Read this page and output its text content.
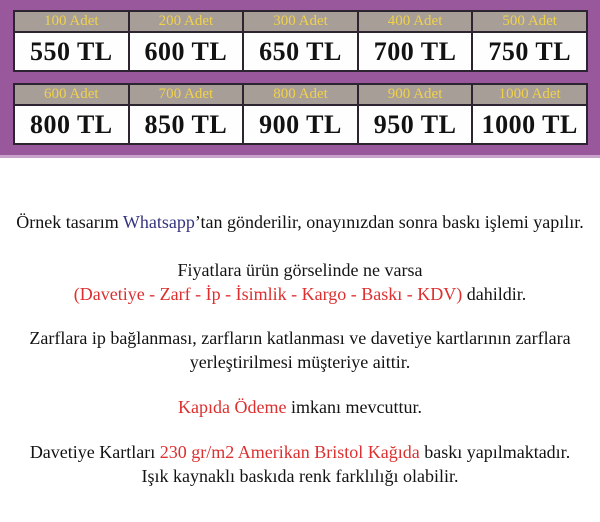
100 Adet	200 Adet	300 Adet	400 Adet	500 Adet
550 TL	600 TL	650 TL	700 TL	750 TL
600 Adet	700 Adet	800 Adet	900 Adet	1000 Adet
800 TL	850 TL	900 TL	950 TL 1000 TL
Örnek tasarım Whatsapp’tan gönderilir, onayınızdan sonra baskı işlemi yapılır.
Fiyatlara ürün görselinde ne varsa
(Davetiye - Zarf - İp - İsimlik - Kargo - Baskı - KDV) dahildir.
Zarflara ip bağlanması, zarfların katlanması ve davetiye kartlarının zarflara
yerleştirilmesi müşteriye aittir.
Kapıda Ödeme imkanı mevcuttur.
Davetiye Kartları 230 gr/m2 Amerikan Bristol Kağıda baskı yapılmaktadır.
Işık kaynaklı baskıda renk farklılığı olabilir.
